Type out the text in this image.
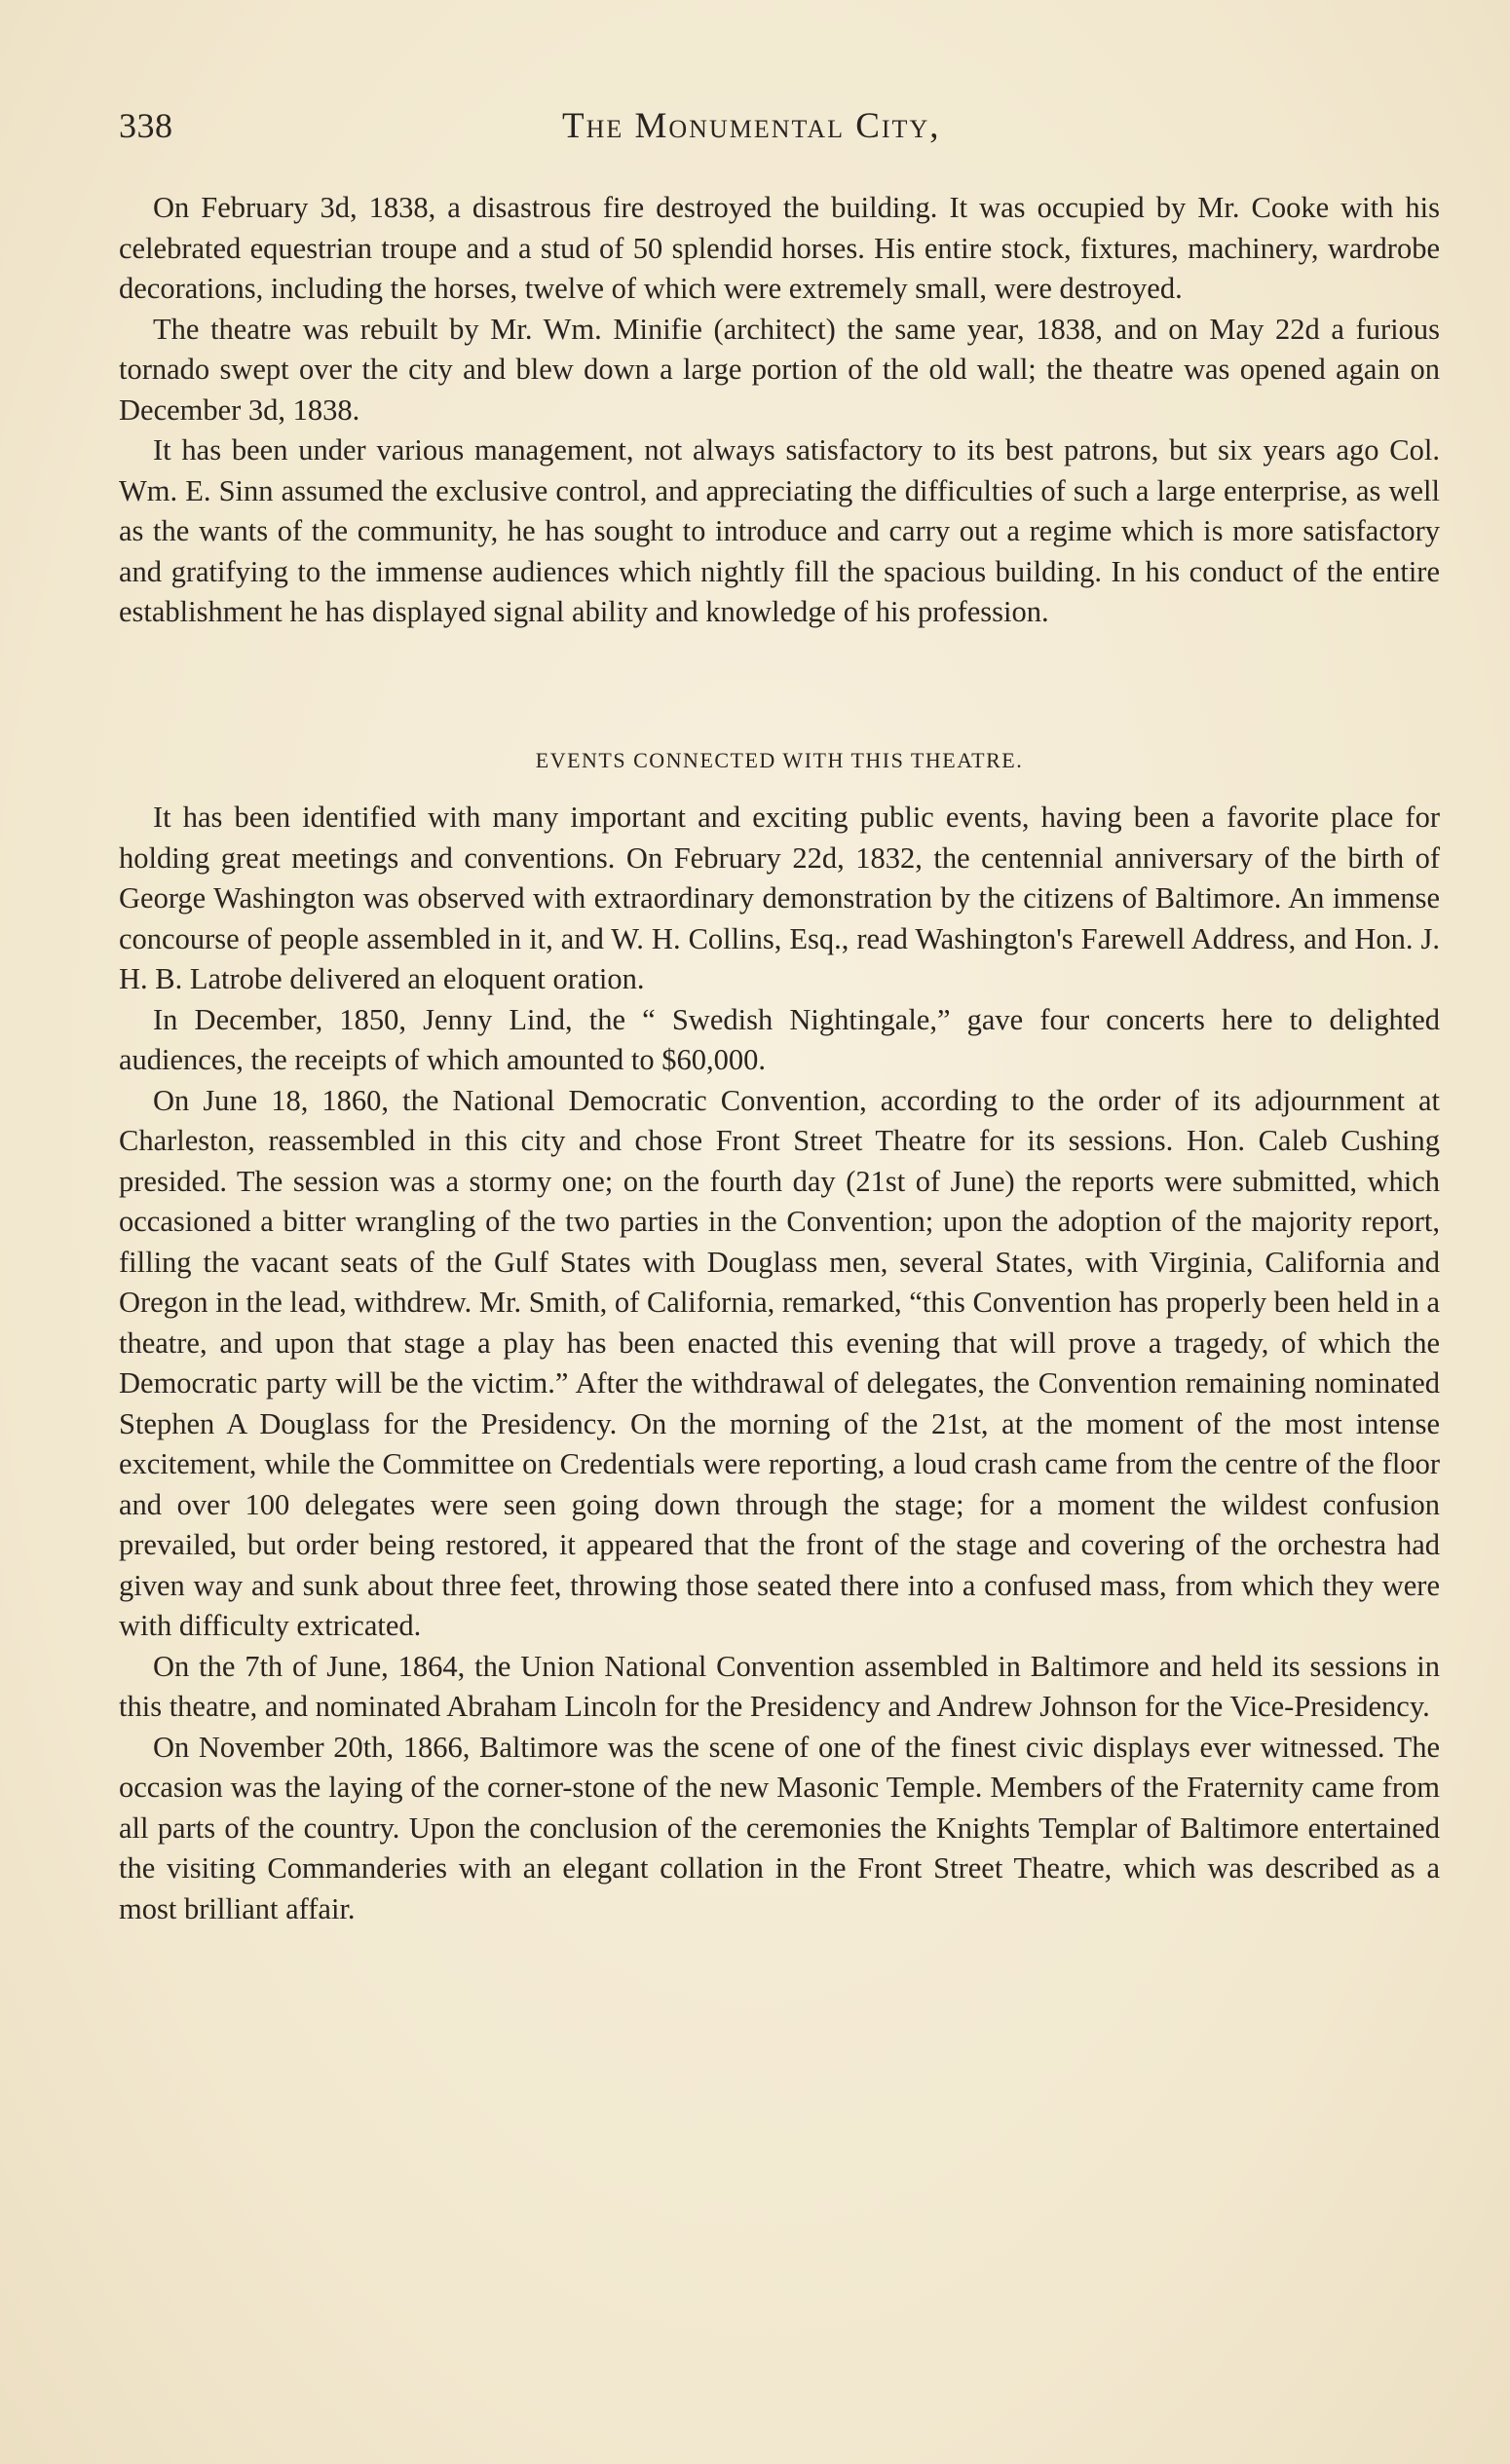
338	The Monumental City,

On February 3d, 1838, a disastrous fire destroyed the building. It was occupied by Mr. Cooke with his celebrated equestrian troupe and a stud of 50 splendid horses. His entire stock, fixtures, machinery, wardrobe decorations, including the horses, twelve of which were extremely small, were destroyed.

The theatre was rebuilt by Mr. Wm. Minifie (architect) the same year, 1838, and on May 22d a furious tornado swept over the city and blew down a large portion of the old wall; the theatre was opened again on December 3d, 1838.

It has been under various management, not always satisfactory to its best patrons, but six years ago Col. Wm. E. Sinn assumed the exclusive control, and appreciating the difficulties of such a large enterprise, as well as the wants of the community, he has sought to introduce and carry out a regime which is more satisfactory and gratifying to the immense audiences which nightly fill the spacious building. In his conduct of the entire establishment he has displayed signal ability and knowledge of his profession.

EVENTS CONNECTED WITH THIS THEATRE.

It has been identified with many important and exciting public events, having been a favorite place for holding great meetings and conventions. On February 22d, 1832, the centennial anniversary of the birth of George Washington was observed with extraordinary demonstration by the citizens of Baltimore. An immense concourse of people assembled in it, and W. H. Collins, Esq., read Washington's Farewell Address, and Hon. J. H. B. Latrobe delivered an eloquent oration.

In December, 1850, Jenny Lind, the “ Swedish Nightingale,” gave four concerts here to delighted audiences, the receipts of which amounted to $60,000.

On June 18, 1860, the National Democratic Convention, according to the order of its adjournment at Charleston, reassembled in this city and chose Front Street Theatre for its sessions. Hon. Caleb Cushing presided. The session was a stormy one; on the fourth day (21st of June) the reports were submitted, which occasioned a bitter wrangling of the two parties in the Convention; upon the adoption of the majority report, filling the vacant seats of the Gulf States with Douglass men, several States, with Virginia, California and Oregon in the lead, withdrew. Mr. Smith, of California, remarked, “this Convention has properly been held in a theatre, and upon that stage a play has been enacted this evening that will prove a tragedy, of which the Democratic party will be the victim.” After the withdrawal of delegates, the Convention remaining nominated Stephen A Douglass for the Presidency. On the morning of the 21st, at the moment of the most intense excitement, while the Committee on Credentials were reporting, a loud crash came from the centre of the floor and over 100 delegates were seen going down through the stage; for a moment the wildest confusion prevailed, but order being restored, it appeared that the front of the stage and covering of the orchestra had given way and sunk about three feet, throwing those seated there into a confused mass, from which they were with difficulty extricated.

On the 7th of June, 1864, the Union National Convention assembled in Baltimore and held its sessions in this theatre, and nominated Abraham Lincoln for the Presidency and Andrew Johnson for the Vice-Presidency.

On November 20th, 1866, Baltimore was the scene of one of the finest civic displays ever witnessed. The occasion was the laying of the corner-stone of the new Masonic Temple. Members of the Fraternity came from all parts of the country. Upon the conclusion of the ceremonies the Knights Templar of Baltimore entertained the visiting Commanderies with an elegant collation in the Front Street Theatre, which was described as a most brilliant affair.
